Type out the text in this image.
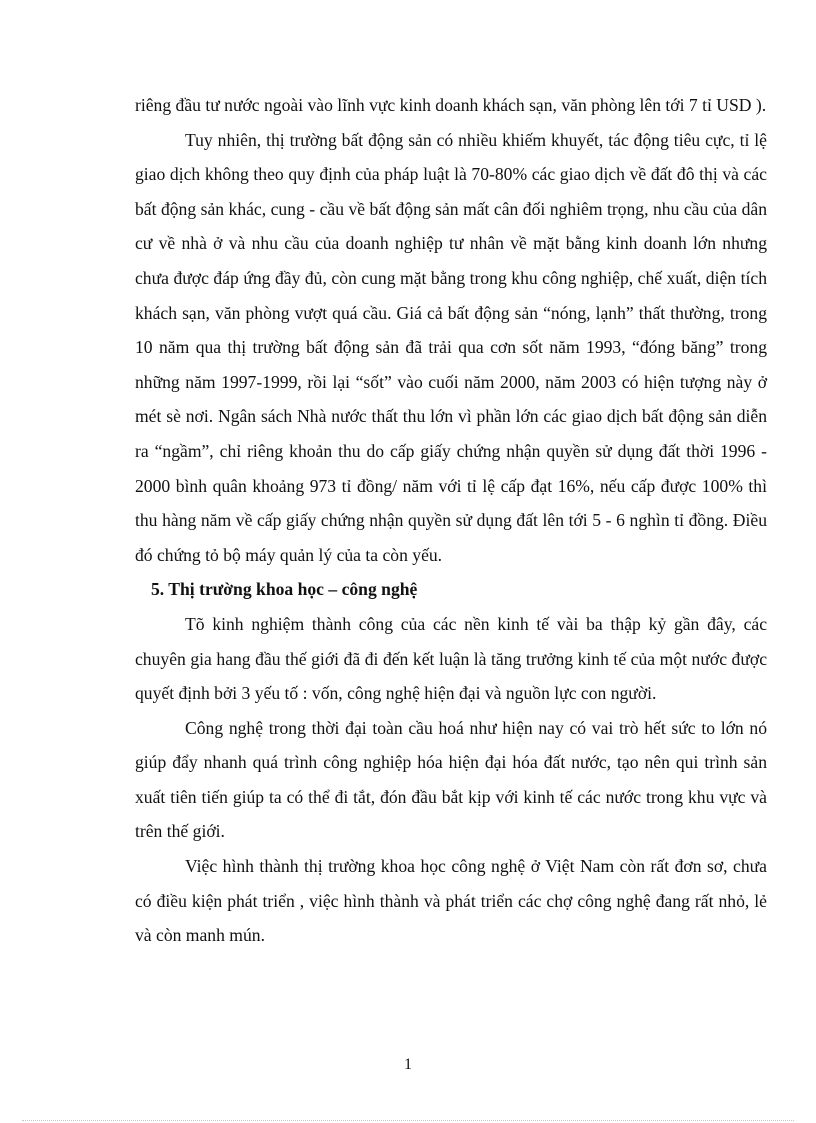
riêng đầu tư nước ngoài vào lĩnh vực kinh doanh khách sạn, văn phòng lên tới 7 tỉ USD ).

Tuy nhiên, thị trường bất động sản có nhiều khiếm khuyết, tác động tiêu cực, tỉ lệ giao dịch không theo quy định của pháp luật là 70-80% các giao dịch về đất đô thị và các bất động sản khác, cung - cầu về bất động sản mất cân đối nghiêm trọng, nhu cầu của dân cư về nhà ở và nhu cầu của doanh nghiệp tư nhân về mặt bằng kinh doanh lớn nhưng chưa được đáp ứng đầy đủ, còn cung mặt bằng trong khu công nghiệp, chế xuất, diện tích khách sạn, văn phòng vượt quá cầu. Giá cả bất động sản “nóng, lạnh” thất thường, trong 10 năm qua thị trường bất động sản đã trải qua cơn sốt năm 1993, “đóng băng” trong những năm 1997-1999, rồi lại “sốt” vào cuối năm 2000, năm 2003 có hiện tượng này ở mét sè nơi. Ngân sách Nhà nước thất thu lớn vì phần lớn các giao dịch bất động sản diễn ra “ngầm”, chỉ riêng khoản thu do cấp giấy chứng nhận quyền sử dụng đất thời 1996 - 2000 bình quân khoảng 973 tỉ đồng/ năm với tỉ lệ cấp đạt 16%, nếu cấp được 100% thì thu hàng năm về cấp giấy chứng nhận quyền sử dụng đất lên tới 5 - 6 nghìn tỉ đồng. Điều đó chứng tỏ bộ máy quản lý của ta còn yếu.

5. Thị trường khoa học – công nghệ

Tõ kinh nghiệm thành công của các nền kinh tế vài ba thập kỷ gần đây, các chuyên gia hang đầu thế giới đã đi đến kết luận là tăng trưởng kinh tế của một nước được quyết định bởi 3 yếu tố : vốn, công nghệ hiện đại và nguồn lực con người.

Công nghệ trong thời đại toàn cầu hoá như hiện nay có vai trò hết sức to lớn nó giúp đẩy nhanh quá trình công nghiệp hóa hiện đại hóa đất nước, tạo nên qui trình sản xuất tiên tiến giúp ta có thể đi tắt, đón đầu bắt kịp với kinh tế các nước trong khu vực và trên thế giới.

Việc hình thành thị trường khoa học công nghệ ở Việt Nam còn rất đơn sơ, chưa có điều kiện phát triển , việc hình thành và phát triển các chợ công nghệ đang rất nhỏ, lẻ và còn manh mún.

1
